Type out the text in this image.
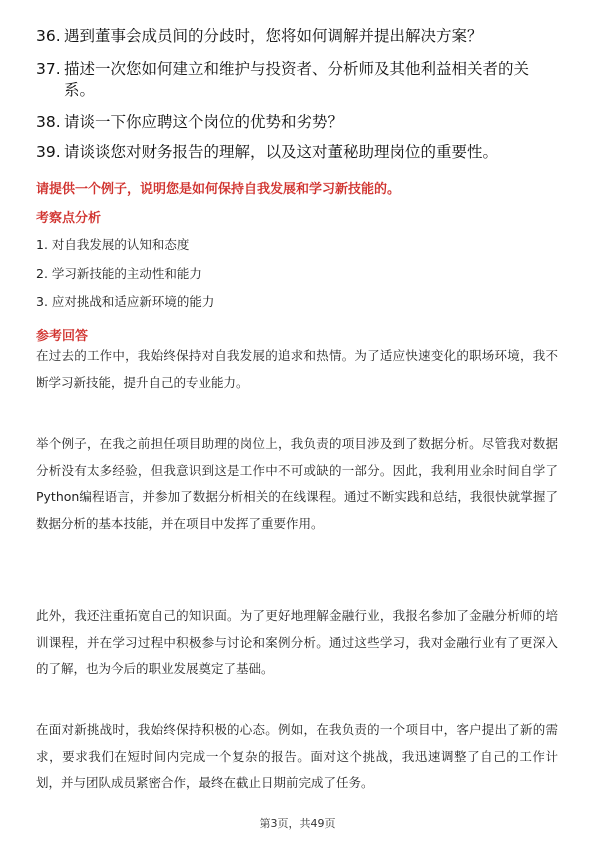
36. 遇到董事会成员间的分歧时，您将如何调解并提出解决方案？
37. 描述一次您如何建立和维护与投资者、分析师及其他利益相关者的关系。
38. 请谈一下你应聘这个岗位的优势和劣势？
39. 请谈谈您对财务报告的理解，以及这对董秘助理岗位的重要性。
请提供一个例子，说明您是如何保持自我发展和学习新技能的。
考察点分析
1. 对自我发展的认知和态度
2. 学习新技能的主动性和能力
3. 应对挑战和适应新环境的能力
参考回答
在过去的工作中，我始终保持对自我发展的追求和热情。为了适应快速变化的职场环境，我不断学习新技能，提升自己的专业能力。
举个例子，在我之前担任项目助理的岗位上，我负责的项目涉及到了数据分析。尽管我对数据分析没有太多经验，但我意识到这是工作中不可或缺的一部分。因此，我利用业余时间自学了Python编程语言，并参加了数据分析相关的在线课程。通过不断实践和总结，我很快就掌握了数据分析的基本技能，并在项目中发挥了重要作用。
此外，我还注重拓宽自己的知识面。为了更好地理解金融行业，我报名参加了金融分析师的培训课程，并在学习过程中积极参与讨论和案例分析。通过这些学习，我对金融行业有了更深入的了解，也为今后的职业发展奠定了基础。
在面对新挑战时，我始终保持积极的心态。例如，在我负责的一个项目中，客户提出了新的需求，要求我们在短时间内完成一个复杂的报告。面对这个挑战，我迅速调整了自己的工作计划，并与团队成员紧密合作，最终在截止日期前完成了任务。
第3页，共49页
